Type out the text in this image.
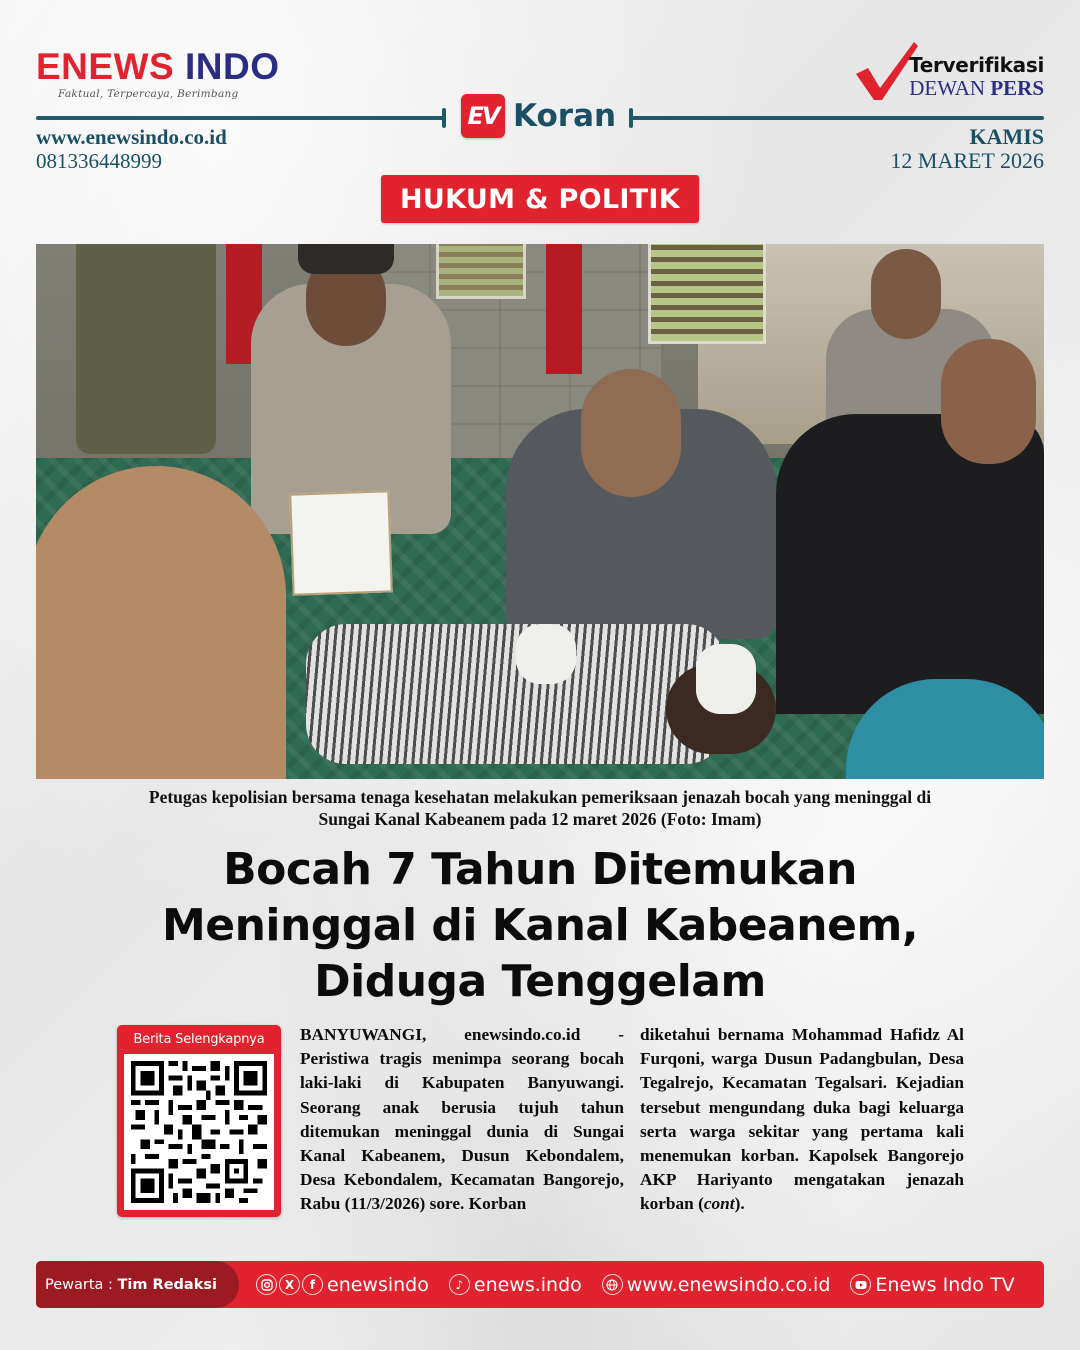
ENEWS INDO
Faktual, Terpercaya, Berimbang
EV Koran
www.enewsindo.co.id
081336448999
Terverifikasi
DEWAN PERS
KAMIS
12 MARET 2026
HUKUM & POLITIK
Petugas kepolisian bersama tenaga kesehatan melakukan pemeriksaan jenazah bocah yang meninggal di
Sungai Kanal Kabeanem pada 12 maret 2026 (Foto: Imam)
Bocah 7 Tahun Ditemukan
Meninggal di Kanal Kabeanem,
Diduga Tenggelam
Berita Selengkapnya	BANYUWANGI, enewsindo.co.id - Peristiwa tragis menimpa seorang bocah laki-laki di Kabupaten Banyuwangi. Seorang anak berusia tujuh tahun ditemukan meninggal dunia di Sungai Kanal Kabeanem, Dusun Kebondalem, Desa Kebondalem, Kecamatan Bangorejo, Rabu (11/3/2026) sore. Korban
diketahui bernama Mohammad Hafidz Al Furqoni, warga Dusun Padangbulan, Desa Tegalrejo, Kecamatan Tegalsari. Kejadian tersebut mengundang duka bagi keluarga serta warga sekitar yang pertama kali menemukan korban. Kapolsek Bangorejo AKP Hariyanto mengatakan jenazah korban (cont).
Pewarta :
Tim Redaksi	X	f enewsindo	♪ enews.indo www.enewsindo.co.id Enews Indo TV
